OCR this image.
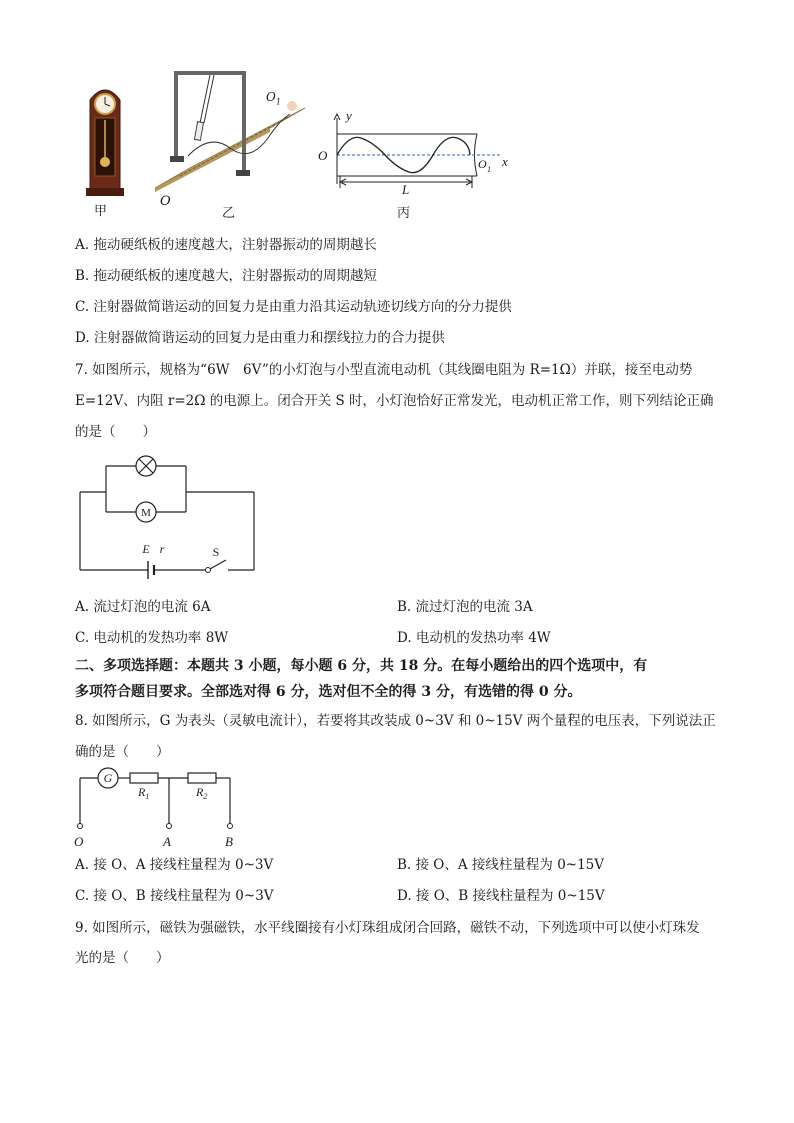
甲
O
$O_1$
乙
O
y
x
O 1
L
丙
A. 拖动硬纸板的速度越大，注射器振动的周期越长
B. 拖动硬纸板的速度越大，注射器振动的周期越短
C. 注射器做简谐运动的回复力是由重力沿其运动轨迹切线方向的分力提供
D. 注射器做简谐运动的回复力是由重力和摆线拉力的合力提供
7. 如图所示，规格为“6W　6V”的小灯泡与小型直流电动机（其线圈电阻为 R=1Ω）并联，接至电动势
E=12V、内阻 r=2Ω 的电源上。闭合开关 S 时，小灯泡恰好正常发光，电动机正常工作，则下列结论正确
的是（　　）
M
E r	S
A. 流过灯泡的电流 6A	B. 流过灯泡的电流 3A
C. 电动机的发热功率 8W	D. 电动机的发热功率 4W
二、多项选择题：本题共 3 小题，每小题 6 分，共 18 分。在每小题给出的四个选项中，有
多项符合题目要求。全部选对得 6 分，选对但不全的得 3 分，有选错的得 0 分。
8. 如图所示，G 为表头（灵敏电流计），若要将其改装成 0~3V 和 0~15V 两个量程的电压表，下列说法正
确的是（　　）
G
$R_1$	$R_2$
O	A	B
A. 接 O、A 接线柱量程为 0~3V	B. 接 O、A 接线柱量程为 0~15V
C. 接 O、B 接线柱量程为 0~3V	D. 接 O、B 接线柱量程为 0~15V
9. 如图所示，磁铁为强磁铁，水平线圈接有小灯珠组成闭合回路，磁铁不动，下列选项中可以使小灯珠发
光的是（　　）
